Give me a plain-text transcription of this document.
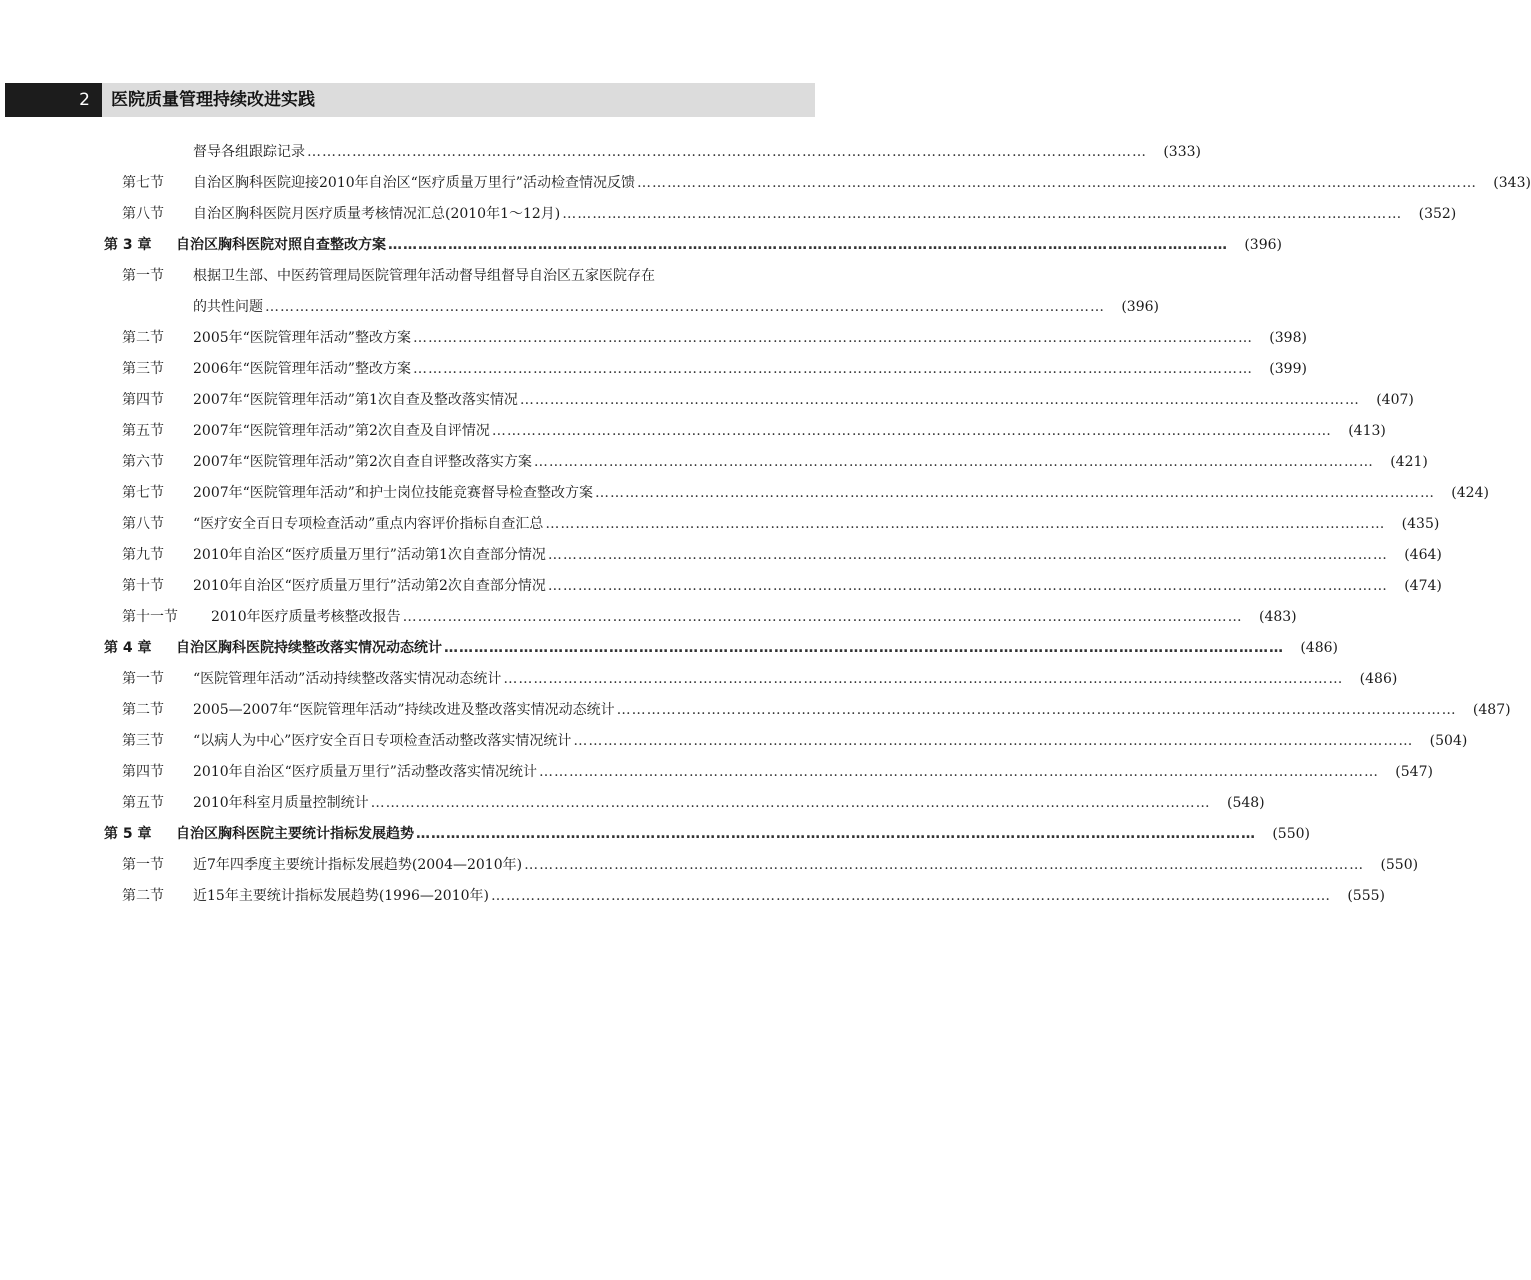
2	医院质量管理持续改进实践
督导各组跟踪记录 ……………………………………………………………………………………………………………………………………………………	(333)
第七节 自治区胸科医院迎接2010年自治区“医疗质量万里行”活动检查情况反馈 ……………………………………………………………………………………………………………………………………………………	(343)
第八节 自治区胸科医院月医疗质量考核情况汇总(2010年1～12月) ……………………………………………………………………………………………………………………………………………………	(352)
第 3 章 自治区胸科医院对照自查整改方案 ……………………………………………………………………………………………………………………………………………………	(396)
第一节 根据卫生部、中医药管理局医院管理年活动督导组督导自治区五家医院存在
的共性问题 ……………………………………………………………………………………………………………………………………………………	(396)
第二节 2005年“医院管理年活动”整改方案 ……………………………………………………………………………………………………………………………………………………	(398)
第三节 2006年“医院管理年活动”整改方案 ……………………………………………………………………………………………………………………………………………………	(399)
第四节 2007年“医院管理年活动”第1次自查及整改落实情况 ……………………………………………………………………………………………………………………………………………………	(407)
第五节 2007年“医院管理年活动”第2次自查及自评情况 ……………………………………………………………………………………………………………………………………………………	(413)
第六节 2007年“医院管理年活动”第2次自查自评整改落实方案 ……………………………………………………………………………………………………………………………………………………	(421)
第七节 2007年“医院管理年活动”和护士岗位技能竞赛督导检查整改方案 ……………………………………………………………………………………………………………………………………………………	(424)
第八节 “医疗安全百日专项检查活动”重点内容评价指标自查汇总 ……………………………………………………………………………………………………………………………………………………	(435)
第九节 2010年自治区“医疗质量万里行”活动第1次自查部分情况 ……………………………………………………………………………………………………………………………………………………	(464)
第十节 2010年自治区“医疗质量万里行”活动第2次自查部分情况 ……………………………………………………………………………………………………………………………………………………	(474)
第十一节 2010年医疗质量考核整改报告 ……………………………………………………………………………………………………………………………………………………	(483)
第 4 章 自治区胸科医院持续整改落实情况动态统计 ……………………………………………………………………………………………………………………………………………………	(486)
第一节 “医院管理年活动”活动持续整改落实情况动态统计 ……………………………………………………………………………………………………………………………………………………	(486)
第二节 2005—2007年“医院管理年活动”持续改进及整改落实情况动态统计 ……………………………………………………………………………………………………………………………………………………	(487)
第三节 “以病人为中心”医疗安全百日专项检查活动整改落实情况统计 ……………………………………………………………………………………………………………………………………………………	(504)
第四节 2010年自治区“医疗质量万里行”活动整改落实情况统计 ……………………………………………………………………………………………………………………………………………………	(547)
第五节 2010年科室月质量控制统计 ……………………………………………………………………………………………………………………………………………………	(548)
第 5 章 自治区胸科医院主要统计指标发展趋势 ……………………………………………………………………………………………………………………………………………………	(550)
第一节 近7年四季度主要统计指标发展趋势(2004—2010年) ……………………………………………………………………………………………………………………………………………………	(550)
第二节 近15年主要统计指标发展趋势(1996—2010年) ……………………………………………………………………………………………………………………………………………………	(555)
